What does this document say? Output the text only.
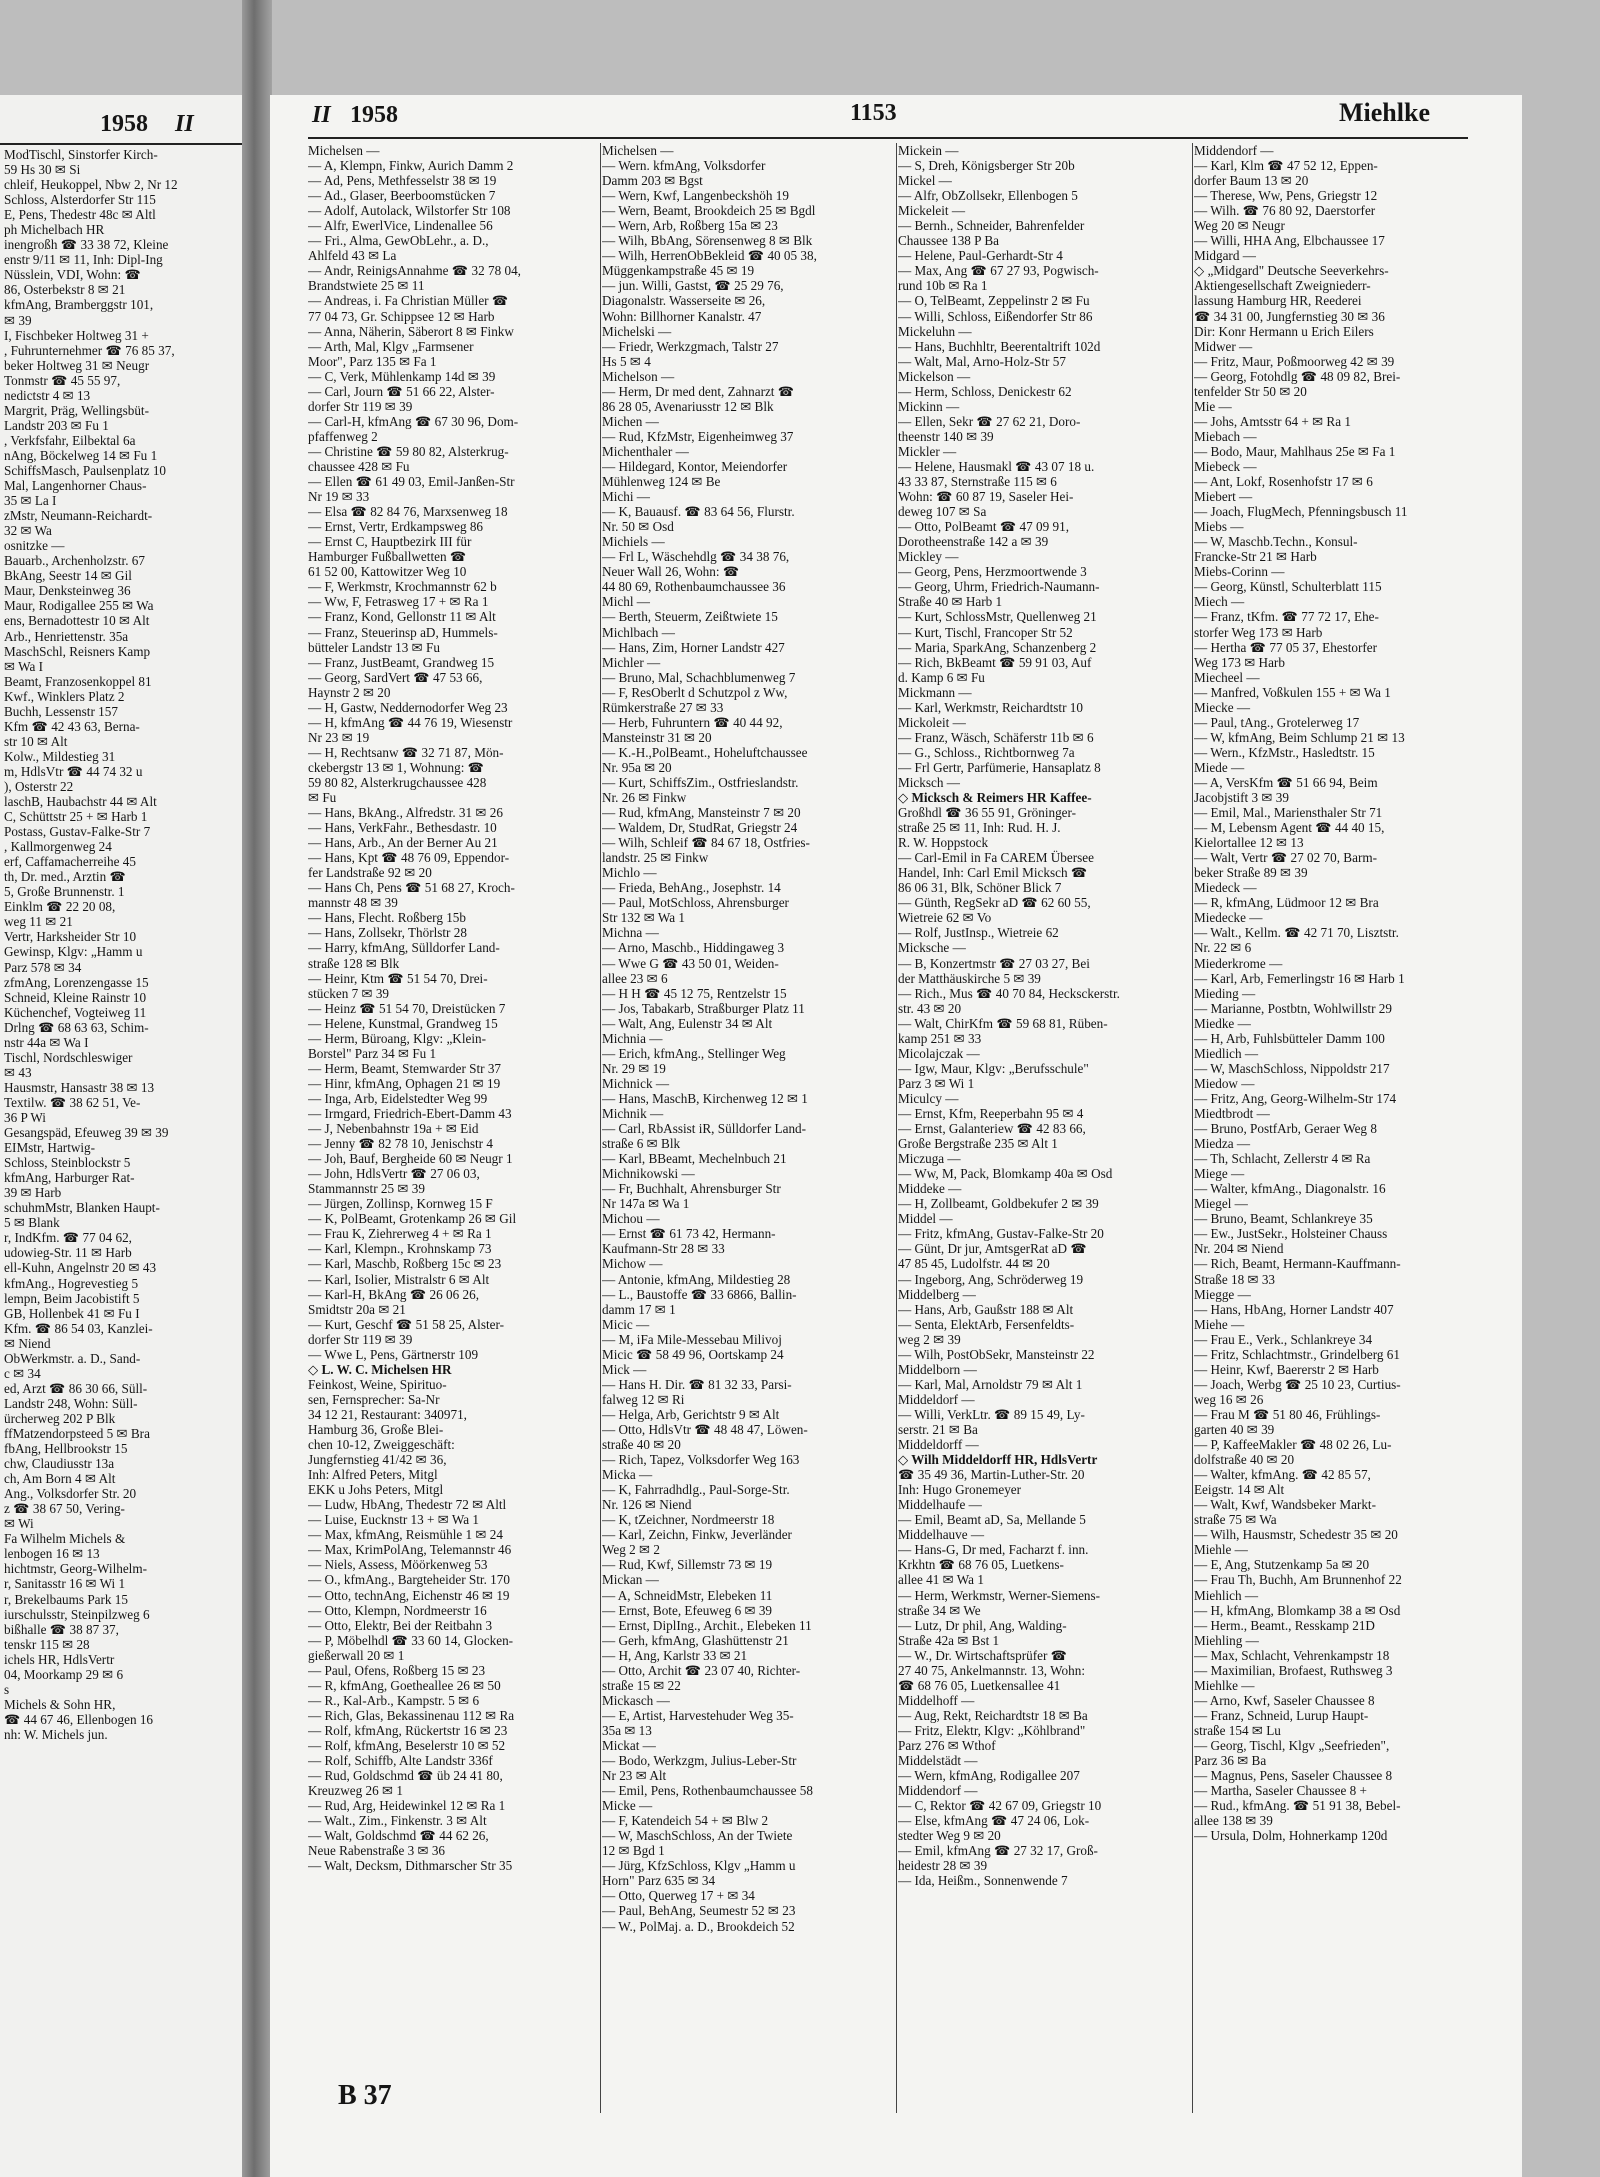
1958 II
ModTischl, Sinstorfer Kirch-
59 Hs 30 ✉ Si
chleif, Heukoppel, Nbw 2, Nr 12
Schloss, Alsterdorfer Str 115
E, Pens, Thedestr 48c ✉ Altl
ph Michelbach HR
inengroßh ☎ 33 38 72, Kleine
enstr 9/11 ✉ 11, Inh: Dipl-Ing
Nüsslein, VDI, Wohn: ☎
86, Osterbekstr 8 ✉ 21
kfmAng, Bramberggstr 101,
✉ 39
I, Fischbeker Holtweg 31 +
, Fuhrunternehmer ☎ 76 85 37,
beker Holtweg 31 ✉ Neugr
Tonmstr ☎ 45 55 97,
nedictstr 4 ✉ 13
Margrit, Präg, Wellingsbüt-
Landstr 203 ✉ Fu 1
, Verkfsfahr, Eilbektal 6a
nAng, Böckelweg 14 ✉ Fu 1
SchiffsMasch, Paulsenplatz 10
Mal, Langenhorner Chaus-
35 ✉ La I
zMstr, Neumann-Reichardt-
32 ✉ Wa
osnitzke —
Bauarb., Archenholzstr. 67
BkAng, Seestr 14 ✉ Gil
Maur, Denksteinweg 36
Maur, Rodigallee 255 ✉ Wa
ens, Bernadottestr 10 ✉ Alt
Arb., Henriettenstr. 35a
MaschSchl, Reisners Kamp
✉ Wa I
Beamt, Franzosenkoppel 81
Kwf., Winklers Platz 2
Buchh, Lessenstr 157
Kfm ☎ 42 43 63, Berna-
str 10 ✉ Alt
Kolw., Mildestieg 31
m, HdlsVtr ☎ 44 74 32 u
), Osterstr 22
laschB, Haubachstr 44 ✉ Alt
C, Schüttstr 25 + ✉ Harb 1
Postass, Gustav-Falke-Str 7
, Kallmorgenweg 24
erf, Caffamacherreihe 45
th, Dr. med., Arztin ☎
5, Große Brunnenstr. 1
Einklm ☎ 22 20 08,
weg 11 ✉ 21
Vertr, Harksheider Str 10
Gewinsp, Klgv: „Hamm u
Parz 578 ✉ 34
zfmAng, Lorenzengasse 15
Schneid, Kleine Rainstr 10
Küchenchef, Vogteiweg 11
Drlng ☎ 68 63 63, Schim-
nstr 44a ✉ Wa I
Tischl, Nordschleswiger
✉ 43
Hausmstr, Hansastr 38 ✉ 13
Textilw. ☎ 38 62 51, Ve-
36 P Wi
Gesangspäd, Efeuweg 39 ✉ 39
EIMstr, Hartwig-
Schloss, Steinblockstr 5
kfmAng, Harburger Rat-
39 ✉ Harb
schuhmMstr, Blanken Haupt-
5 ✉ Blank
r, IndKfm. ☎ 77 04 62,
udowieg-Str. 11 ✉ Harb
ell-Kuhn, Angelnstr 20 ✉ 43
kfmAng., Hogrevestieg 5
lempn, Beim Jacobistift 5
GB, Hollenbek 41 ✉ Fu I
Kfm. ☎ 86 54 03, Kanzlei-
✉ Niend
ObWerkmstr. a. D., Sand-
c ✉ 34
ed, Arzt ☎ 86 30 66, Süll-
Landstr 248, Wohn: Süll-
ürcherweg 202 P Blk
ffMatzendorpsteed 5 ✉ Bra
fbAng, Hellbrookstr 15
chw, Claudiusstr 13a
ch, Am Born 4 ✉ Alt
Ang., Volksdorfer Str. 20
z ☎ 38 67 50, Vering-
✉ Wi
Fa Wilhelm Michels &
lenbogen 16 ✉ 13
hichtmstr, Georg-Wilhelm-
r, Sanitasstr 16 ✉ Wi 1
r, Brekelbaums Park 15
iurschulsstr, Steinpilzweg 6
bißhalle ☎ 38 87 37,
tenskr 115 ✉ 28
ichels HR, HdlsVertr
04, Moorkamp 29 ✉ 6
s
Michels & Sohn HR,
☎ 44 67 46, Ellenbogen 16
nh: W. Michels jun.
II 1958	1153	Miehlke
Michelsen —
— A, Klempn, Finkw, Aurich Damm 2
— Ad, Pens, Methfesselstr 38 ✉ 19
— Ad., Glaser, Beerboomstücken 7
— Adolf, Autolack, Wilstorfer Str 108
— Alfr, EwerlVice, Lindenallee 56
— Fri., Alma, GewObLehr., a. D.,
Ahlfeld 43 ✉ La
— Andr, ReinigsAnnahme ☎ 32 78 04,
Brandstwiete 25 ✉ 11
— Andreas, i. Fa Christian Müller ☎
77 04 73, Gr. Schippsee 12 ✉ Harb
— Anna, Näherin, Säberort 8 ✉ Finkw
— Arth, Mal, Klgv „Farmsener
Moor", Parz 135 ✉ Fa 1
— C, Verk, Mühlenkamp 14d ✉ 39
— Carl, Journ ☎ 51 66 22, Alster-
dorfer Str 119 ✉ 39
— Carl-H, kfmAng ☎ 67 30 96, Dom-
pfaffenweg 2
— Christine ☎ 59 80 82, Alsterkrug-
chaussee 428 ✉ Fu
— Ellen ☎ 61 49 03, Emil-Janßen-Str
Nr 19 ✉ 33
— Elsa ☎ 82 84 76, Marxsenweg 18
— Ernst, Vertr, Erdkampsweg 86
— Ernst C, Hauptbezirk III für
Hamburger Fußballwetten ☎
61 52 00, Kattowitzer Weg 10
— F, Werkmstr, Krochmannstr 62 b
— Ww, F, Fetrasweg 17 + ✉ Ra 1
— Franz, Kond, Gellonstr 11 ✉ Alt
— Franz, Steuerinsp aD, Hummels-
bütteler Landstr 13 ✉ Fu
— Franz, JustBeamt, Grandweg 15
— Georg, SardVert ☎ 47 53 66,
Haynstr 2 ✉ 20
— H, Gastw, Neddernodorfer Weg 23
— H, kfmAng ☎ 44 76 19, Wiesenstr
Nr 23 ✉ 19
— H, Rechtsanw ☎ 32 71 87, Mön-
ckebergstr 13 ✉ 1, Wohnung: ☎
59 80 82, Alsterkrugchaussee 428
✉ Fu
— Hans, BkAng., Alfredstr. 31 ✉ 26
— Hans, VerkFahr., Bethesdastr. 10
— Hans, Arb., An der Berner Au 21
— Hans, Kpt ☎ 48 76 09, Eppendor-
fer Landstraße 92 ✉ 20
— Hans Ch, Pens ☎ 51 68 27, Kroch-
mannstr 48 ✉ 39
— Hans, Flecht. Roßberg 15b
— Hans, Zollsekr, Thörlstr 28
— Harry, kfmAng, Sülldorfer Land-
straße 128 ✉ Blk
— Heinr, Ktm ☎ 51 54 70, Drei-
stücken 7 ✉ 39
— Heinz ☎ 51 54 70, Dreistücken 7
— Helene, Kunstmal, Grandweg 15
— Herm, Büroang, Klgv: „Klein-
Borstel" Parz 34 ✉ Fu 1
— Herm, Beamt, Stemwarder Str 37
— Hinr, kfmAng, Ophagen 21 ✉ 19
— Inga, Arb, Eidelstedter Weg 99
— Irmgard, Friedrich-Ebert-Damm 43
— J, Nebenbahnstr 19a + ✉ Eid
— Jenny ☎ 82 78 10, Jenischstr 4
— Joh, Bauf, Bergheide 60 ✉ Neugr 1
— John, HdlsVertr ☎ 27 06 03,
Stammannstr 25 ✉ 39
— Jürgen, Zollinsp, Kornweg 15 F
— K, PolBeamt, Grotenkamp 26 ✉ Gil
— Frau K, Ziehrerweg 4 + ✉ Ra 1
— Karl, Klempn., Krohnskamp 73
— Karl, Maschb, Roßberg 15c ✉ 23
— Karl, Isolier, Mistralstr 6 ✉ Alt
— Karl-H, BkAng ☎ 26 06 26,
Smidtstr 20a ✉ 21
— Kurt, Geschf ☎ 51 58 25, Alster-
dorfer Str 119 ✉ 39
— Wwe L, Pens, Gärtnerstr 109
◇ L. W. C. Michelsen HR
Feinkost, Weine, Spirituo-
sen, Fernsprecher: Sa-Nr
34 12 21, Restaurant: 340971,
Hamburg 36, Große Blei-
chen 10-12, Zweiggeschäft:
Jungfernstieg 41/42 ✉ 36,
Inh: Alfred Peters, Mitgl
EKK u Johs Peters, Mitgl
— Ludw, HbAng, Thedestr 72 ✉ Altl
— Luise, Eucknstr 13 + ✉ Wa 1
— Max, kfmAng, Reismühle 1 ✉ 24
— Max, KrimPolAng, Telemannstr 46
— Niels, Assess, Möörkenweg 53
— O., kfmAng., Bargteheider Str. 170
— Otto, technAng, Eichenstr 46 ✉ 19
— Otto, Klempn, Nordmeerstr 16
— Otto, Elektr, Bei der Reitbahn 3
— P, Möbelhdl ☎ 33 60 14, Glocken-
gießerwall 20 ✉ 1
— Paul, Ofens, Roßberg 15 ✉ 23
— R, kfmAng, Goetheallee 26 ✉ 50
— R., Kal-Arb., Kampstr. 5 ✉ 6
— Rich, Glas, Bekassinenau 112 ✉ Ra
— Rolf, kfmAng, Rückertstr 16 ✉ 23
— Rolf, kfmAng, Beselerstr 10 ✉ 52
— Rolf, Schiffb, Alte Landstr 336f
— Rud, Goldschmd ☎ üb 24 41 80,
Kreuzweg 26 ✉ 1
— Rud, Arg, Heidewinkel 12 ✉ Ra 1
— Walt., Zim., Finkenstr. 3 ✉ Alt
— Walt, Goldschmd ☎ 44 62 26,
Neue Rabenstraße 3 ✉ 36
— Walt, Decksm, Dithmarscher Str 35
Michelsen —
— Wern. kfmAng, Volksdorfer
Damm 203 ✉ Bgst
— Wern, Kwf, Langenbeckshöh 19
— Wern, Beamt, Brookdeich 25 ✉ Bgdl
— Wern, Arb, Roßberg 15a ✉ 23
— Wilh, BbAng, Sörensenweg 8 ✉ Blk
— Wilh, HerrenObBekleid ☎ 40 05 38,
Müggenkampstraße 45 ✉ 19
— jun. Willi, Gastst, ☎ 25 29 76,
Diagonalstr. Wasserseite ✉ 26,
Wohn: Billhorner Kanalstr. 47
Michelski —
— Friedr, Werkzgmach, Talstr 27
Hs 5 ✉ 4
Michelson —
— Herm, Dr med dent, Zahnarzt ☎
86 28 05, Avenariusstr 12 ✉ Blk
Michen —
— Rud, KfzMstr, Eigenheimweg 37
Michenthaler —
— Hildegard, Kontor, Meiendorfer
Mühlenweg 124 ✉ Be
Michi —
— K, Bauausf. ☎ 83 64 56, Flurstr.
Nr. 50 ✉ Osd
Michiels —
— Frl L, Wäschehdlg ☎ 34 38 76,
Neuer Wall 26, Wohn: ☎
44 80 69, Rothenbaumchaussee 36
Michl —
— Berth, Steuerm, Zeißtwiete 15
Michlbach —
— Hans, Zim, Horner Landstr 427
Michler —
— Bruno, Mal, Schachblumenweg 7
— F, ResOberlt d Schutzpol z Ww,
Rümkerstraße 27 ✉ 33
— Herb, Fuhruntern ☎ 40 44 92,
Mansteinstr 31 ✉ 20
— K.-H.,PolBeamt., Hoheluftchaussee
Nr. 95a ✉ 20
— Kurt, SchiffsZim., Ostfrieslandstr.
Nr. 26 ✉ Finkw
— Rud, kfmAng, Mansteinstr 7 ✉ 20
— Waldem, Dr, StudRat, Griegstr 24
— Wilh, Schleif ☎ 84 67 18, Ostfries-
landstr. 25 ✉ Finkw
Michlo —
— Frieda, BehAng., Josephstr. 14
— Paul, MotSchloss, Ahrensburger
Str 132 ✉ Wa 1
Michna —
— Arno, Maschb., Hiddingaweg 3
— Wwe G ☎ 43 50 01, Weiden-
allee 23 ✉ 6
— H H ☎ 45 12 75, Rentzelstr 15
— Jos, Tabakarb, Straßburger Platz 11
— Walt, Ang, Eulenstr 34 ✉ Alt
Michnia —
— Erich, kfmAng., Stellinger Weg
Nr. 29 ✉ 19
Michnick —
— Hans, MaschB, Kirchenweg 12 ✉ 1
Michnik —
— Carl, RbAssist iR, Sülldorfer Land-
straße 6 ✉ Blk
— Karl, BBeamt, Mechelnbuch 21
Michnikowski —
— Fr, Buchhalt, Ahrensburger Str
Nr 147a ✉ Wa 1
Michou —
— Ernst ☎ 61 73 42, Hermann-
Kaufmann-Str 28 ✉ 33
Michow —
— Antonie, kfmAng, Mildestieg 28
— L., Baustoffe ☎ 33 6866, Ballin-
damm 17 ✉ 1
Micic —
— M, iFa Mile-Messebau Milivoj
Micic ☎ 58 49 96, Oortskamp 24
Mick —
— Hans H. Dir. ☎ 81 32 33, Parsi-
falweg 12 ✉ Ri
— Helga, Arb, Gerichtstr 9 ✉ Alt
— Otto, HdlsVtr ☎ 48 48 47, Löwen-
straße 40 ✉ 20
— Rich, Tapez, Volksdorfer Weg 163
Micka —
— K, Fahrradhdlg., Paul-Sorge-Str.
Nr. 126 ✉ Niend
— K, tZeichner, Nordmeerstr 18
— Karl, Zeichn, Finkw, Jeverländer
Weg 2 ✉ 2
— Rud, Kwf, Sillemstr 73 ✉ 19
Mickan —
— A, SchneidMstr, Elebeken 11
— Ernst, Bote, Efeuweg 6 ✉ 39
— Ernst, DiplIng., Archit., Elebeken 11
— Gerh, kfmAng, Glashüttenstr 21
— H, Ang, Karlstr 33 ✉ 21
— Otto, Archit ☎ 23 07 40, Richter-
straße 15 ✉ 22
Mickasch —
— E, Artist, Harvestehuder Weg 35-
35a ✉ 13
Mickat —
— Bodo, Werkzgm, Julius-Leber-Str
Nr 23 ✉ Alt
— Emil, Pens, Rothenbaumchaussee 58
Micke —
— F, Katendeich 54 + ✉ Blw 2
— W, MaschSchloss, An der Twiete
12 ✉ Bgd 1
— Jürg, KfzSchloss, Klgv „Hamm u
Horn" Parz 635 ✉ 34
— Otto, Querweg 17 + ✉ 34
— Paul, BehAng, Seumestr 52 ✉ 23
— W., PolMaj. a. D., Brookdeich 52
Mickein —
— S, Dreh, Königsberger Str 20b
Mickel —
— Alfr, ObZollsekr, Ellenbogen 5
Mickeleit —
— Bernh., Schneider, Bahrenfelder
Chaussee 138 P Ba
— Helene, Paul-Gerhardt-Str 4
— Max, Ang ☎ 67 27 93, Pogwisch-
rund 10b ✉ Ra 1
— O, TelBeamt, Zeppelinstr 2 ✉ Fu
— Willi, Schloss, Eißendorfer Str 86
Mickeluhn —
— Hans, Buchhltr, Beerentaltrift 102d
— Walt, Mal, Arno-Holz-Str 57
Mickelson —
— Herm, Schloss, Denickestr 62
Mickinn —
— Ellen, Sekr ☎ 27 62 21, Doro-
theenstr 140 ✉ 39
Mickler —
— Helene, Hausmakl ☎ 43 07 18 u.
43 33 87, Sternstraße 115 ✉ 6
Wohn: ☎ 60 87 19, Saseler Hei-
deweg 107 ✉ Sa
— Otto, PolBeamt ☎ 47 09 91,
Dorotheenstraße 142 a ✉ 39
Mickley —
— Georg, Pens, Herzmoortwende 3
— Georg, Uhrm, Friedrich-Naumann-
Straße 40 ✉ Harb 1
— Kurt, SchlossMstr, Quellenweg 21
— Kurt, Tischl, Francoper Str 52
— Maria, SparkAng, Schanzenberg 2
— Rich, BkBeamt ☎ 59 91 03, Auf
d. Kamp 6 ✉ Fu
Mickmann —
— Karl, Werkmstr, Reichardtstr 10
Mickoleit —
— Franz, Wäsch, Schäferstr 11b ✉ 6
— G., Schloss., Richtbornweg 7a
— Frl Gertr, Parfümerie, Hansaplatz 8
Micksch —
◇ Micksch & Reimers HR Kaffee-
Großhdl ☎ 36 55 91, Gröninger-
straße 25 ✉ 11, Inh: Rud. H. J.
R. W. Hoppstock
— Carl-Emil in Fa CAREM Übersee
Handel, Inh: Carl Emil Micksch ☎
86 06 31, Blk, Schöner Blick 7
— Günth, RegSekr aD ☎ 62 60 55,
Wietreie 62 ✉ Vo
— Rolf, JustInsp., Wietreie 62
Micksche —
— B, Konzertmstr ☎ 27 03 27, Bei
der Matthäuskirche 5 ✉ 39
— Rich., Mus ☎ 40 70 84, Hecksckerstr.
str. 43 ✉ 20
— Walt, ChirKfm ☎ 59 68 81, Rüben-
kamp 251 ✉ 33
Micolajczak —
— Igw, Maur, Klgv: „Berufsschule"
Parz 3 ✉ Wi 1
Miculcy —
— Ernst, Kfm, Reeperbahn 95 ✉ 4
— Ernst, Galanteriew ☎ 42 83 66,
Große Bergstraße 235 ✉ Alt 1
Miczuga —
— Ww, M, Pack, Blomkamp 40a ✉ Osd
Middeke —
— H, Zollbeamt, Goldbekufer 2 ✉ 39
Middel —
— Fritz, kfmAng, Gustav-Falke-Str 20
— Günt, Dr jur, AmtsgerRat aD ☎
47 85 45, Ludolfstr. 44 ✉ 20
— Ingeborg, Ang, Schröderweg 19
Middelberg —
— Hans, Arb, Gaußstr 188 ✉ Alt
— Senta, ElektArb, Fersenfeldts-
weg 2 ✉ 39
— Wilh, PostObSekr, Mansteinstr 22
Middelborn —
— Karl, Mal, Arnoldstr 79 ✉ Alt 1
Middeldorf —
— Willi, VerkLtr. ☎ 89 15 49, Ly-
serstr. 21 ✉ Ba
Middeldorff —
◇ Wilh Middeldorff HR, HdlsVertr
☎ 35 49 36, Martin-Luther-Str. 20
Inh: Hugo Gronemeyer
Middelhaufe —
— Emil, Beamt aD, Sa, Mellande 5
Middelhauve —
— Hans-G, Dr med, Facharzt f. inn.
Krkhtn ☎ 68 76 05, Luetkens-
allee 41 ✉ Wa 1
— Herm, Werkmstr, Werner-Siemens-
straße 34 ✉ We
— Lutz, Dr phil, Ang, Walding-
Straße 42a ✉ Bst 1
— W., Dr. Wirtschaftsprüfer ☎
27 40 75, Ankelmannstr. 13, Wohn:
☎ 68 76 05, Luetkensallee 41
Middelhoff —
— Aug, Rekt, Reichardtstr 18 ✉ Ba
— Fritz, Elektr, Klgv: „Köhlbrand"
Parz 276 ✉ Wthof
Middelstädt —
— Wern, kfmAng, Rodigallee 207
Middendorf —
— C, Rektor ☎ 42 67 09, Griegstr 10
— Else, kfmAng ☎ 47 24 06, Lok-
stedter Weg 9 ✉ 20
— Emil, kfmAng ☎ 27 32 17, Groß-
heidestr 28 ✉ 39
— Ida, Heißm., Sonnenwende 7
Middendorf —
— Karl, Klm ☎ 47 52 12, Eppen-
dorfer Baum 13 ✉ 20
— Therese, Ww, Pens, Griegstr 12
— Wilh. ☎ 76 80 92, Daerstorfer
Weg 20 ✉ Neugr
— Willi, HHA Ang, Elbchaussee 17
Midgard —
◇ „Midgard" Deutsche Seeverkehrs-
Aktiengesellschaft Zweigniederr-
lassung Hamburg HR, Reederei
☎ 34 31 00, Jungfernstieg 30 ✉ 36
Dir: Konr Hermann u Erich Eilers
Midwer —
— Fritz, Maur, Poßmoorweg 42 ✉ 39
— Georg, Fotohdlg ☎ 48 09 82, Brei-
tenfelder Str 50 ✉ 20
Mie —
— Johs, Amtsstr 64 + ✉ Ra 1
Miebach —
— Bodo, Maur, Mahlhaus 25e ✉ Fa 1
Miebeck —
— Ant, Lokf, Rosenhofstr 17 ✉ 6
Miebert —
— Joach, FlugMech, Pfenningsbusch 11
Miebs —
— W, Maschb.Techn., Konsul-
Francke-Str 21 ✉ Harb
Miebs-Corinn —
— Georg, Künstl, Schulterblatt 115
Miech —
— Franz, tKfm. ☎ 77 72 17, Ehe-
storfer Weg 173 ✉ Harb
— Hertha ☎ 77 05 37, Ehestorfer
Weg 173 ✉ Harb
Miecheel —
— Manfred, Voßkulen 155 + ✉ Wa 1
Miecke —
— Paul, tAng., Grotelerweg 17
— W, kfmAng, Beim Schlump 21 ✉ 13
— Wern., KfzMstr., Hasledtstr. 15
Miede —
— A, VersKfm ☎ 51 66 94, Beim
Jacobjstift 3 ✉ 39
— Emil, Mal., Mariensthaler Str 71
— M, Lebensm Agent ☎ 44 40 15,
Kielortallee 12 ✉ 13
— Walt, Vertr ☎ 27 02 70, Barm-
beker Straße 89 ✉ 39
Miedeck —
— R, kfmAng, Lüdmoor 12 ✉ Bra
Miedecke —
— Walt., Kellm. ☎ 42 71 70, Lisztstr.
Nr. 22 ✉ 6
Miederkrome —
— Karl, Arb, Femerlingstr 16 ✉ Harb 1
Mieding —
— Marianne, Postbtn, Wohlwillstr 29
Miedke —
— H, Arb, Fuhlsbütteler Damm 100
Miedlich —
— W, MaschSchloss, Nippoldstr 217
Miedow —
— Fritz, Ang, Georg-Wilhelm-Str 174
Miedtbrodt —
— Bruno, PostfArb, Geraer Weg 8
Miedza —
— Th, Schlacht, Zellerstr 4 ✉ Ra
Miege —
— Walter, kfmAng., Diagonalstr. 16
Miegel —
— Bruno, Beamt, Schlankreye 35
— Ew., JustSekr., Holsteiner Chauss
Nr. 204 ✉ Niend
— Rich, Beamt, Hermann-Kauffmann-
Straße 18 ✉ 33
Miegge —
— Hans, HbAng, Horner Landstr 407
Miehe —
— Frau E., Verk., Schlankreye 34
— Fritz, Schlachtmstr., Grindelberg 61
— Heinr, Kwf, Baererstr 2 ✉ Harb
— Joach, Werbg ☎ 25 10 23, Curtius-
weg 16 ✉ 26
— Frau M ☎ 51 80 46, Frühlings-
garten 40 ✉ 39
— P, KaffeeMakler ☎ 48 02 26, Lu-
dolfstraße 40 ✉ 20
— Walter, kfmAng. ☎ 42 85 57,
Eeigstr. 14 ✉ Alt
— Walt, Kwf, Wandsbeker Markt-
straße 75 ✉ Wa
— Wilh, Hausmstr, Schedestr 35 ✉ 20
Miehle —
— E, Ang, Stutzenkamp 5a ✉ 20
— Frau Th, Buchh, Am Brunnenhof 22
Miehlich —
— H, kfmAng, Blomkamp 38 a ✉ Osd
— Herm., Beamt., Resskamp 21D
Miehling —
— Max, Schlacht, Vehrenkampstr 18
— Maximilian, Brofaest, Ruthsweg 3
Miehlke —
— Arno, Kwf, Saseler Chaussee 8
— Franz, Schneid, Lurup Haupt-
straße 154 ✉ Lu
— Georg, Tischl, Klgv „Seefrieden",
Parz 36 ✉ Ba
— Magnus, Pens, Saseler Chaussee 8
— Martha, Saseler Chaussee 8 +
— Rud., kfmAng. ☎ 51 91 38, Bebel-
allee 138 ✉ 39
— Ursula, Dolm, Hohnerkamp 120d
B 37
